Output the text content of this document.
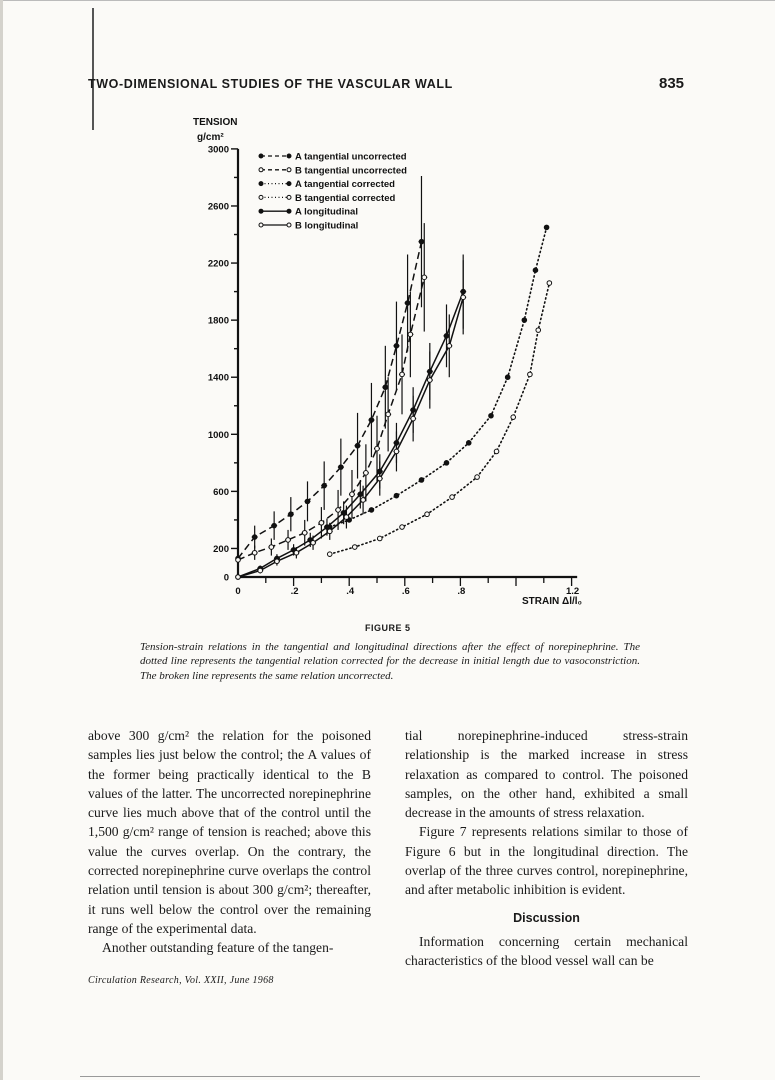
TWO-DIMENSIONAL STUDIES OF THE VASCULAR WALL	835
0
200
600
1000
1400
1800
2200
2600
3000
0	.2	.4	.6	.8	1.2
TENSION
g/cm²
STRAIN Δl/l₀
A tangential uncorrected
B tangential uncorrected
A tangential corrected
B tangential corrected
A longitudinal
B longitudinal
FIGURE 5
Tension-strain relations in the tangential and longitudinal directions after the effect of norepinephrine. The dotted line represents the tangential relation corrected for the decrease in initial length due to vasoconstriction. The broken line represents the same relation uncorrected.

above 300 g/cm² the relation for the poisoned samples lies just below the control; the A values of the former being practically identical to the B values of the latter. The uncorrected norepinephrine curve lies much above that of the control until the 1,500 g/cm² range of tension is reached; above this value the curves overlap. On the contrary, the corrected norepinephrine curve overlaps the control relation until tension is about 300 g/cm²; thereafter, it runs well below the control over the remaining range of the experimental data.

Another outstanding feature of the tangen-

tial norepinephrine-induced stress-strain relationship is the marked increase in stress relaxation as compared to control. The poisoned samples, on the other hand, exhibited a small decrease in the amounts of stress relaxation.

Figure 7 represents relations similar to those of Figure 6 but in the longitudinal direction. The overlap of the three curves control, norepinephrine, and after metabolic inhibition is evident.

Discussion

Information concerning certain mechanical characteristics of the blood vessel wall can be

Circulation Research, Vol. XXII, June 1968
